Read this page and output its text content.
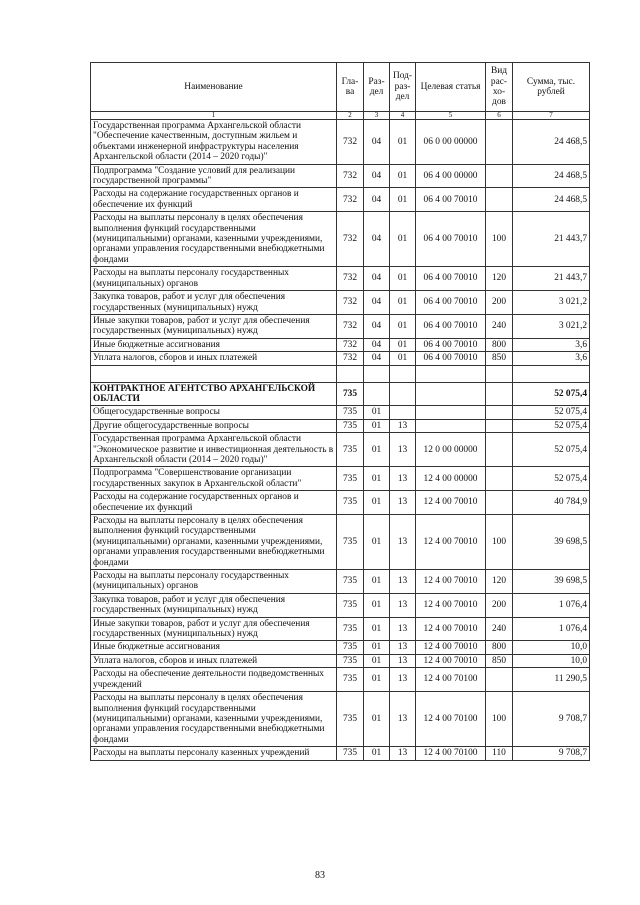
Наименование	Гла-ва	Раз-дел	Под-раз-дел	Целевая статья	Вид рас-хо-дов	Сумма, тыс. рублей
1	2	3	4	5	6	7
Государственная программа Архангельской области "Обеспечение качественным, доступным жильем и объектами инженерной инфраструктуры населения Архангельской области (2014 – 2020 годы)"	732	04	01	06 0 00 00000		24 468,5
Подпрограмма "Создание условий для реализации государственной программы"	732	04	01	06 4 00 00000		24 468,5
Расходы на содержание государственных органов и обеспечение их функций	732	04	01	06 4 00 70010		24 468,5
Расходы на выплаты персоналу в целях обеспечения выполнения функций государственными (муниципальными) органами, казенными учреждениями, органами управления государственными внебюджетными фондами	732	04	01	06 4 00 70010	100	21 443,7
Расходы на выплаты персоналу государственных (муниципальных) органов	732	04	01	06 4 00 70010	120	21 443,7
Закупка товаров, работ и услуг для обеспечения государственных (муниципальных) нужд	732	04	01	06 4 00 70010	200	3 021,2
Иные закупки товаров, работ и услуг для обеспечения государственных (муниципальных) нужд	732	04	01	06 4 00 70010	240	3 021,2
Иные бюджетные ассигнования	732	04	01	06 4 00 70010	800	3,6
Уплата налогов, сборов и иных платежей	732	04	01	06 4 00 70010	850	3,6

КОНТРАКТНОЕ АГЕНТСТВО АРХАНГЕЛЬСКОЙ ОБЛАСТИ	735					52 075,4
Общегосударственные вопросы	735	01				52 075,4
Другие общегосударственные вопросы	735	01	13			52 075,4
Государственная программа Архангельской области "Экономическое развитие и инвестиционная деятельность в Архангельской области (2014 – 2020 годы)"	735	01	13	12 0 00 00000		52 075,4
Подпрограмма "Совершенствование организации государственных закупок в Архангельской области"	735	01	13	12 4 00 00000		52 075,4
Расходы на содержание государственных органов и обеспечение их функций	735	01	13	12 4 00 70010		40 784,9
Расходы на выплаты персоналу в целях обеспечения выполнения функций государственными (муниципальными) органами, казенными учреждениями, органами управления государственными внебюджетными фондами	735	01	13	12 4 00 70010	100	39 698,5
Расходы на выплаты персоналу государственных (муниципальных) органов	735	01	13	12 4 00 70010	120	39 698,5
Закупка товаров, работ и услуг для обеспечения государственных (муниципальных) нужд	735	01	13	12 4 00 70010	200	1 076,4
Иные закупки товаров, работ и услуг для обеспечения государственных (муниципальных) нужд	735	01	13	12 4 00 70010	240	1 076,4
Иные бюджетные ассигнования	735	01	13	12 4 00 70010	800	10,0
Уплата налогов, сборов и иных платежей	735	01	13	12 4 00 70010	850	10,0
Расходы на обеспечение деятельности подведомственных учреждений	735	01	13	12 4 00 70100		11 290,5
Расходы на выплаты персоналу в целях обеспечения выполнения функций государственными (муниципальными) органами, казенными учреждениями, органами управления государственными внебюджетными фондами	735	01	13	12 4 00 70100	100	9 708,7
Расходы на выплаты персоналу казенных учреждений	735	01	13	12 4 00 70100	110	9 708,7
83
